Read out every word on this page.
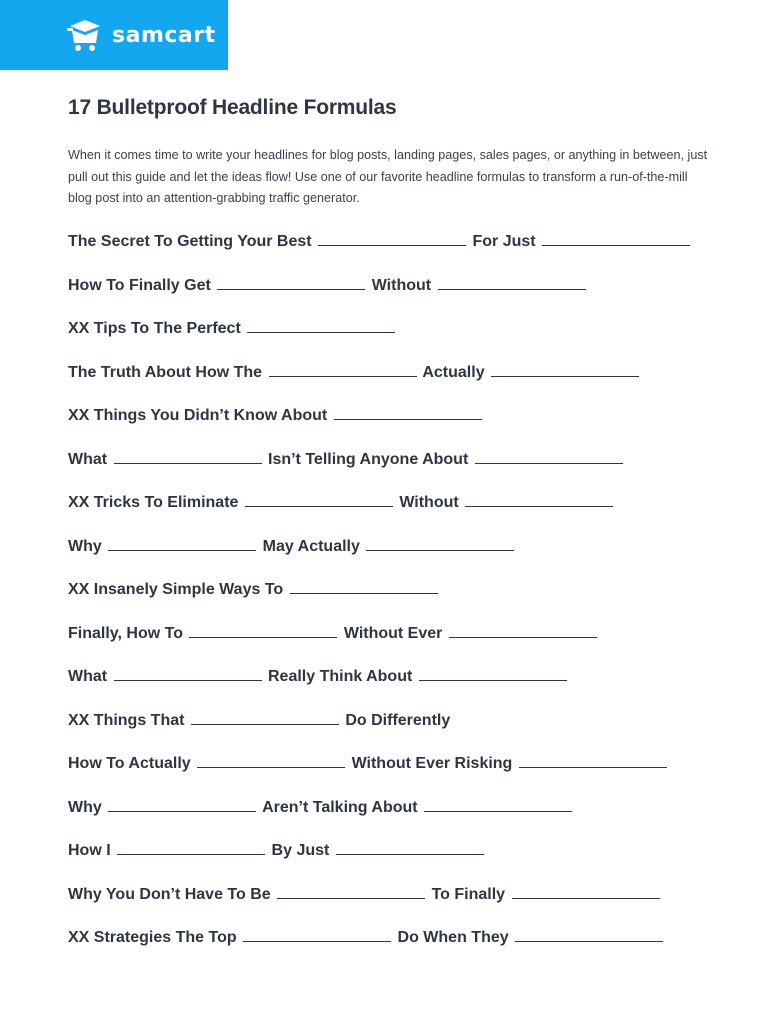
samcart
17 Bulletproof Headline Formulas

When it comes time to write your headlines for blog posts, landing pages, sales pages, or anything in between, just pull out this guide and let the ideas flow! Use one of our favorite headline formulas to transform a run-of-the-mill blog post into an attention-grabbing traffic generator.

The Secret To Getting Your Best	For Just
How To Finally Get	Without
XX Tips To The Perfect
The Truth About How The	Actually
XX Things You Didn’t Know About
What	Isn’t Telling Anyone About
XX Tricks To Eliminate	Without
Why	May Actually
XX Insanely Simple Ways To
Finally, How To	Without Ever
What	Really Think About
XX Things That	Do Differently
How To Actually	Without Ever Risking
Why	Aren’t Talking About
How I	By Just
Why You Don’t Have To Be	To Finally
XX Strategies The Top	Do When They
